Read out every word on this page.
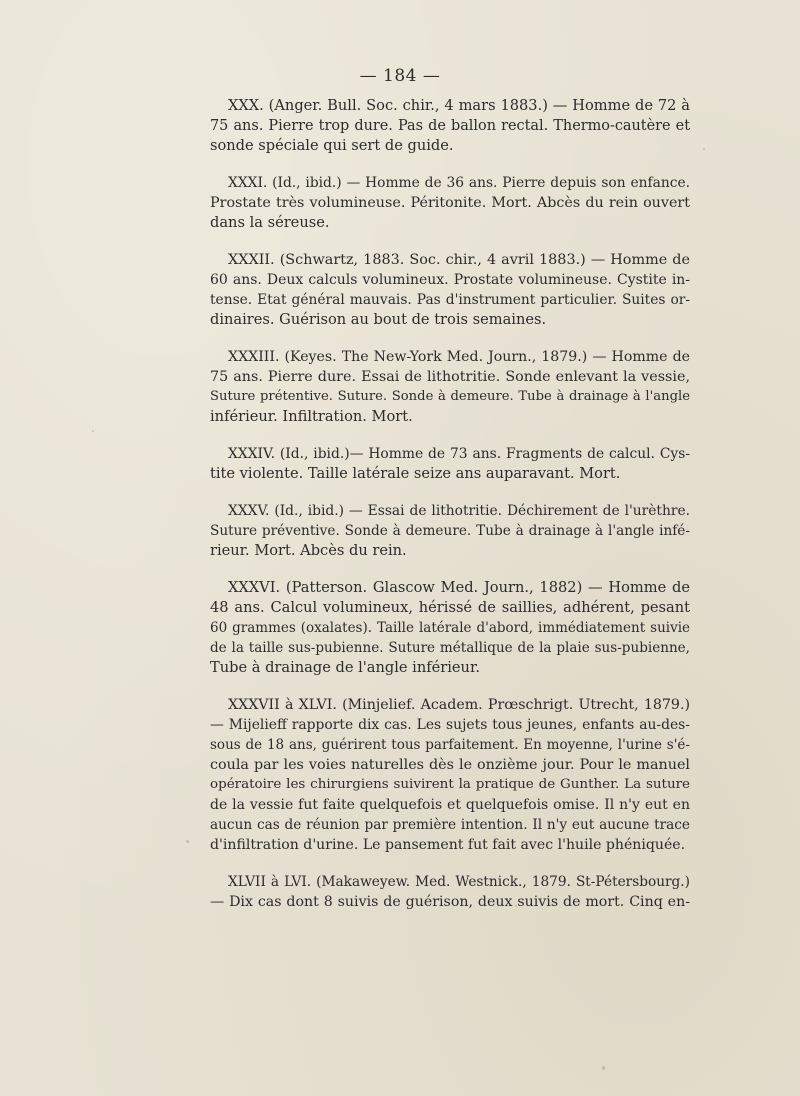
— 184 —
XXX. (Anger. Bull. Soc. chir., 4 mars 1883.) — Homme de 72 à
75 ans. Pierre trop dure. Pas de ballon rectal. Thermo-cautère et
sonde spéciale qui sert de guide.
XXXI. (Id., ibid.) — Homme de 36 ans. Pierre depuis son enfance.
Prostate très volumineuse. Péritonite. Mort. Abcès du rein ouvert
dans la séreuse.
XXXII. (Schwartz, 1883. Soc. chir., 4 avril 1883.) — Homme de
60 ans. Deux calculs volumineux. Prostate volumineuse. Cystite in-
tense. Etat général mauvais. Pas d'instrument particulier. Suites or-
dinaires. Guérison au bout de trois semaines.
XXXIII. (Keyes. The New-York Med. Journ., 1879.) — Homme de
75 ans. Pierre dure. Essai de lithotritie. Sonde enlevant la vessie,
Suture prétentive. Suture. Sonde à demeure. Tube à drainage à l'angle
inférieur. Infiltration. Mort.
XXXIV. (Id., ibid.)— Homme de 73 ans. Fragments de calcul. Cys-
tite violente. Taille latérale seize ans auparavant. Mort.
XXXV. (Id., ibid.) — Essai de lithotritie. Déchirement de l'urèthre.
Suture préventive. Sonde à demeure. Tube à drainage à l'angle infé-
rieur. Mort. Abcès du rein.
XXXVI. (Patterson. Glascow Med. Journ., 1882) — Homme de
48 ans. Calcul volumineux, hérissé de saillies, adhérent, pesant
60 grammes (oxalates). Taille latérale d'abord, immédiatement suivie
de la taille sus-pubienne. Suture métallique de la plaie sus-pubienne,
Tube à drainage de l'angle inférieur.
XXXVII à XLVI. (Minjelief. Academ. Prœschrigt. Utrecht, 1879.)
— Mijelieff rapporte dix cas. Les sujets tous jeunes, enfants au-des-
sous de 18 ans, guérirent tous parfaitement. En moyenne, l'urine s'é-
coula par les voies naturelles dès le onzième jour. Pour le manuel
opératoire les chirurgiens suivirent la pratique de Gunther. La suture
de la vessie fut faite quelquefois et quelquefois omise. Il n'y eut en
aucun cas de réunion par première intention. Il n'y eut aucune trace
d'infiltration d'urine. Le pansement fut fait avec l'huile phéniquée.
XLVII à LVI. (Makaweyew. Med. Westnick., 1879. St-Pétersbourg.)
— Dix cas dont 8 suivis de guérison, deux suivis de mort. Cinq en-
